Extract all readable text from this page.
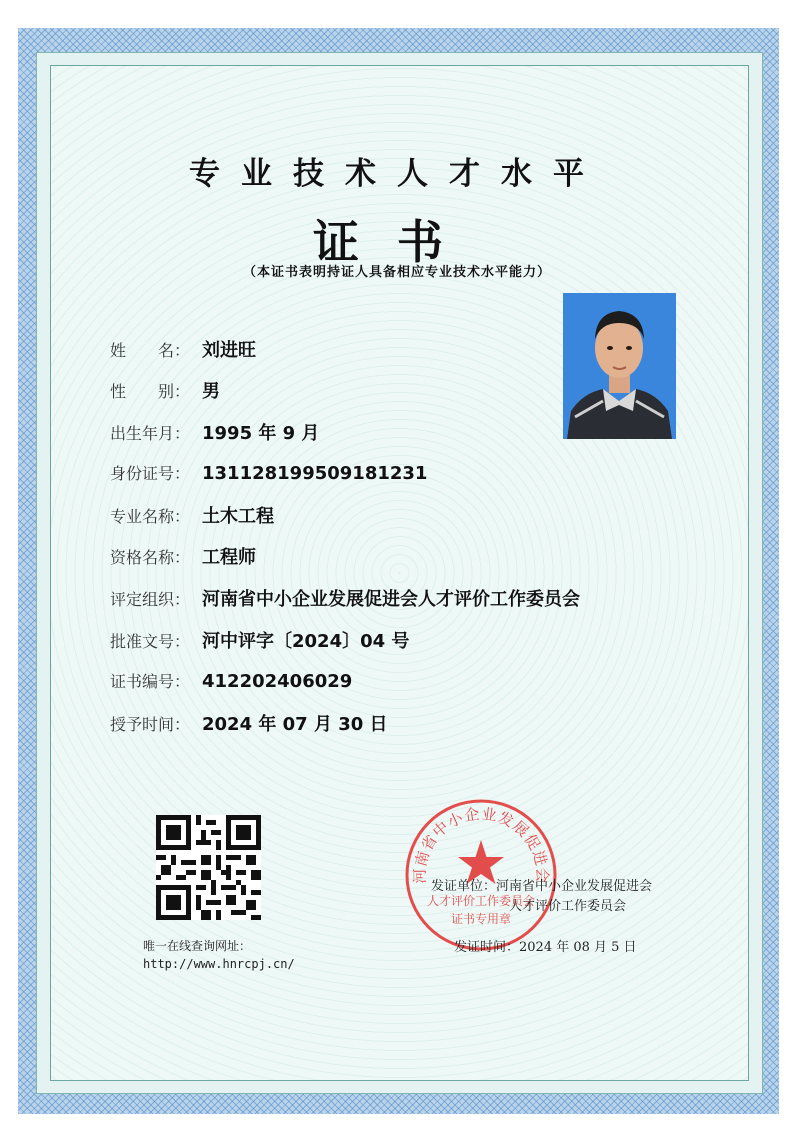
专业技术人才水平
证书
（本证书表明持证人具备相应专业技术水平能力）
姓　　名： 刘进旺
性　　别： 男
出生年月： 1995 年 9 月
身份证号： 131128199509181231
专业名称： 土木工程
资格名称： 工程师
评定组织： 河南省中小企业发展促进会人才评价工作委员会
批准文号： 河中评字〔2024〕04 号
证书编号： 412202406029
授予时间： 2024 年 07 月 30 日
唯一在线查询网址：
http://www.hnrcpj.cn/
河南省中小企业发展促进会
人才评价工作委员会
证书专用章
发证单位：河南省中小企业发展促进会
人才评价工作委员会
发证时间：2024 年 08 月 5 日
